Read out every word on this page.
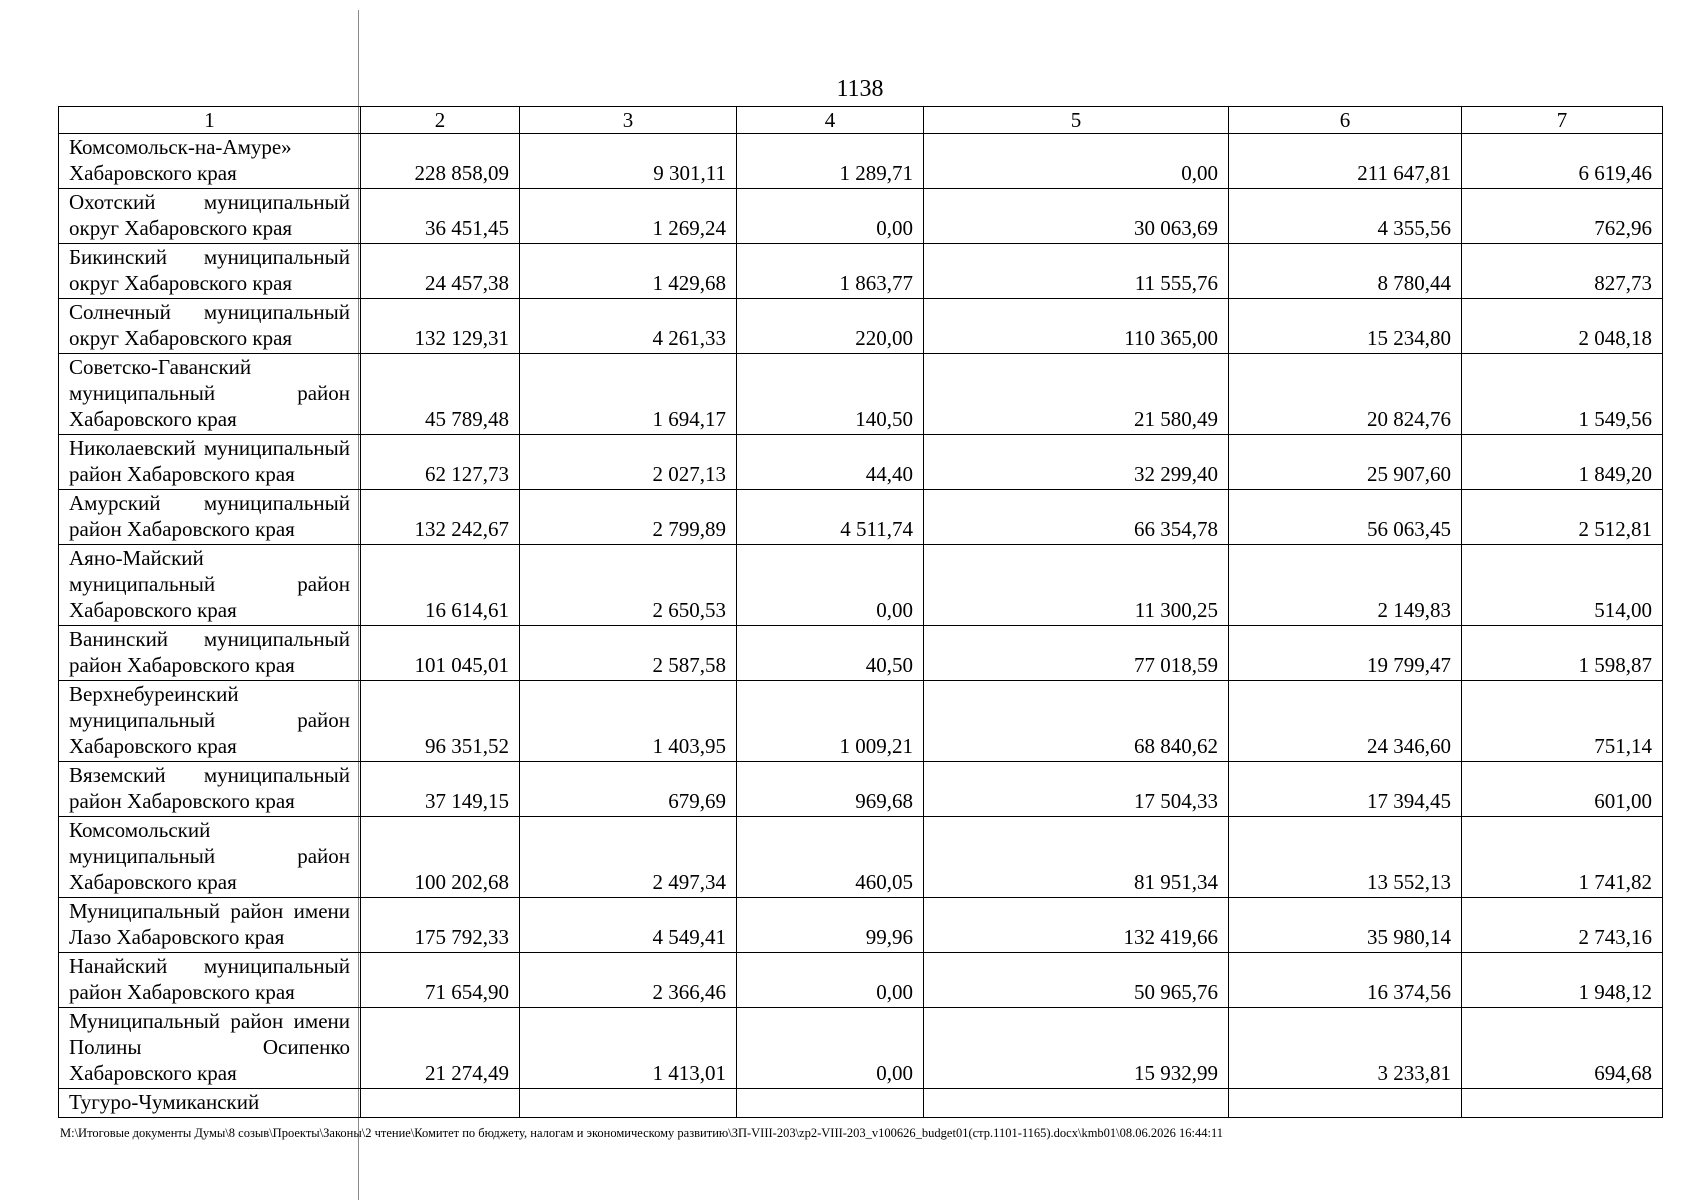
1138
1	2	3	4	5	6	7
Комсомольск-на-Амуре» Хабаровского края	228 858,09	9 301,11	1 289,71	0,00	211 647,81	6 619,46
Охотский муниципальный округ Хабаровского края	36 451,45	1 269,24	0,00	30 063,69	4 355,56	762,96
Бикинский муниципальный округ Хабаровского края	24 457,38	1 429,68	1 863,77	11 555,76	8 780,44	827,73
Солнечный муниципальный округ Хабаровского края	132 129,31	4 261,33	220,00	110 365,00	15 234,80	2 048,18
Советско-Гаванский муниципальный район Хабаровского края	45 789,48	1 694,17	140,50	21 580,49	20 824,76	1 549,56
Николаевский муниципальный район Хабаровского края	62 127,73	2 027,13	44,40	32 299,40	25 907,60	1 849,20
Амурский муниципальный район Хабаровского края	132 242,67	2 799,89	4 511,74	66 354,78	56 063,45	2 512,81
Аяно-Майский муниципальный район Хабаровского края	16 614,61	2 650,53	0,00	11 300,25	2 149,83	514,00
Ванинский муниципальный район Хабаровского края	101 045,01	2 587,58	40,50	77 018,59	19 799,47	1 598,87
Верхнебуреинский муниципальный район Хабаровского края	96 351,52	1 403,95	1 009,21	68 840,62	24 346,60	751,14
Вяземский муниципальный район Хабаровского края	37 149,15	679,69	969,68	17 504,33	17 394,45	601,00
Комсомольский муниципальный район Хабаровского края	100 202,68	2 497,34	460,05	81 951,34	13 552,13	1 741,82
Муниципальный район имени Лазо Хабаровского края	175 792,33	4 549,41	99,96	132 419,66	35 980,14	2 743,16
Нанайский муниципальный район Хабаровского края	71 654,90	2 366,46	0,00	50 965,76	16 374,56	1 948,12
Муниципальный район имени Полины Осипенко Хабаровского края	21 274,49	1 413,01	0,00	15 932,99	3 233,81	694,68
Тугуро-Чумиканский						
M:\Итоговые документы Думы\8 созыв\Проекты\Законы\2 чтение\Комитет по бюджету, налогам и экономическому развитию\ЗП-VIII-203\zp2-VIII-203_v100626_budget01(стр.1101-1165).docx\kmb01\08.06.2026 16:44:11
